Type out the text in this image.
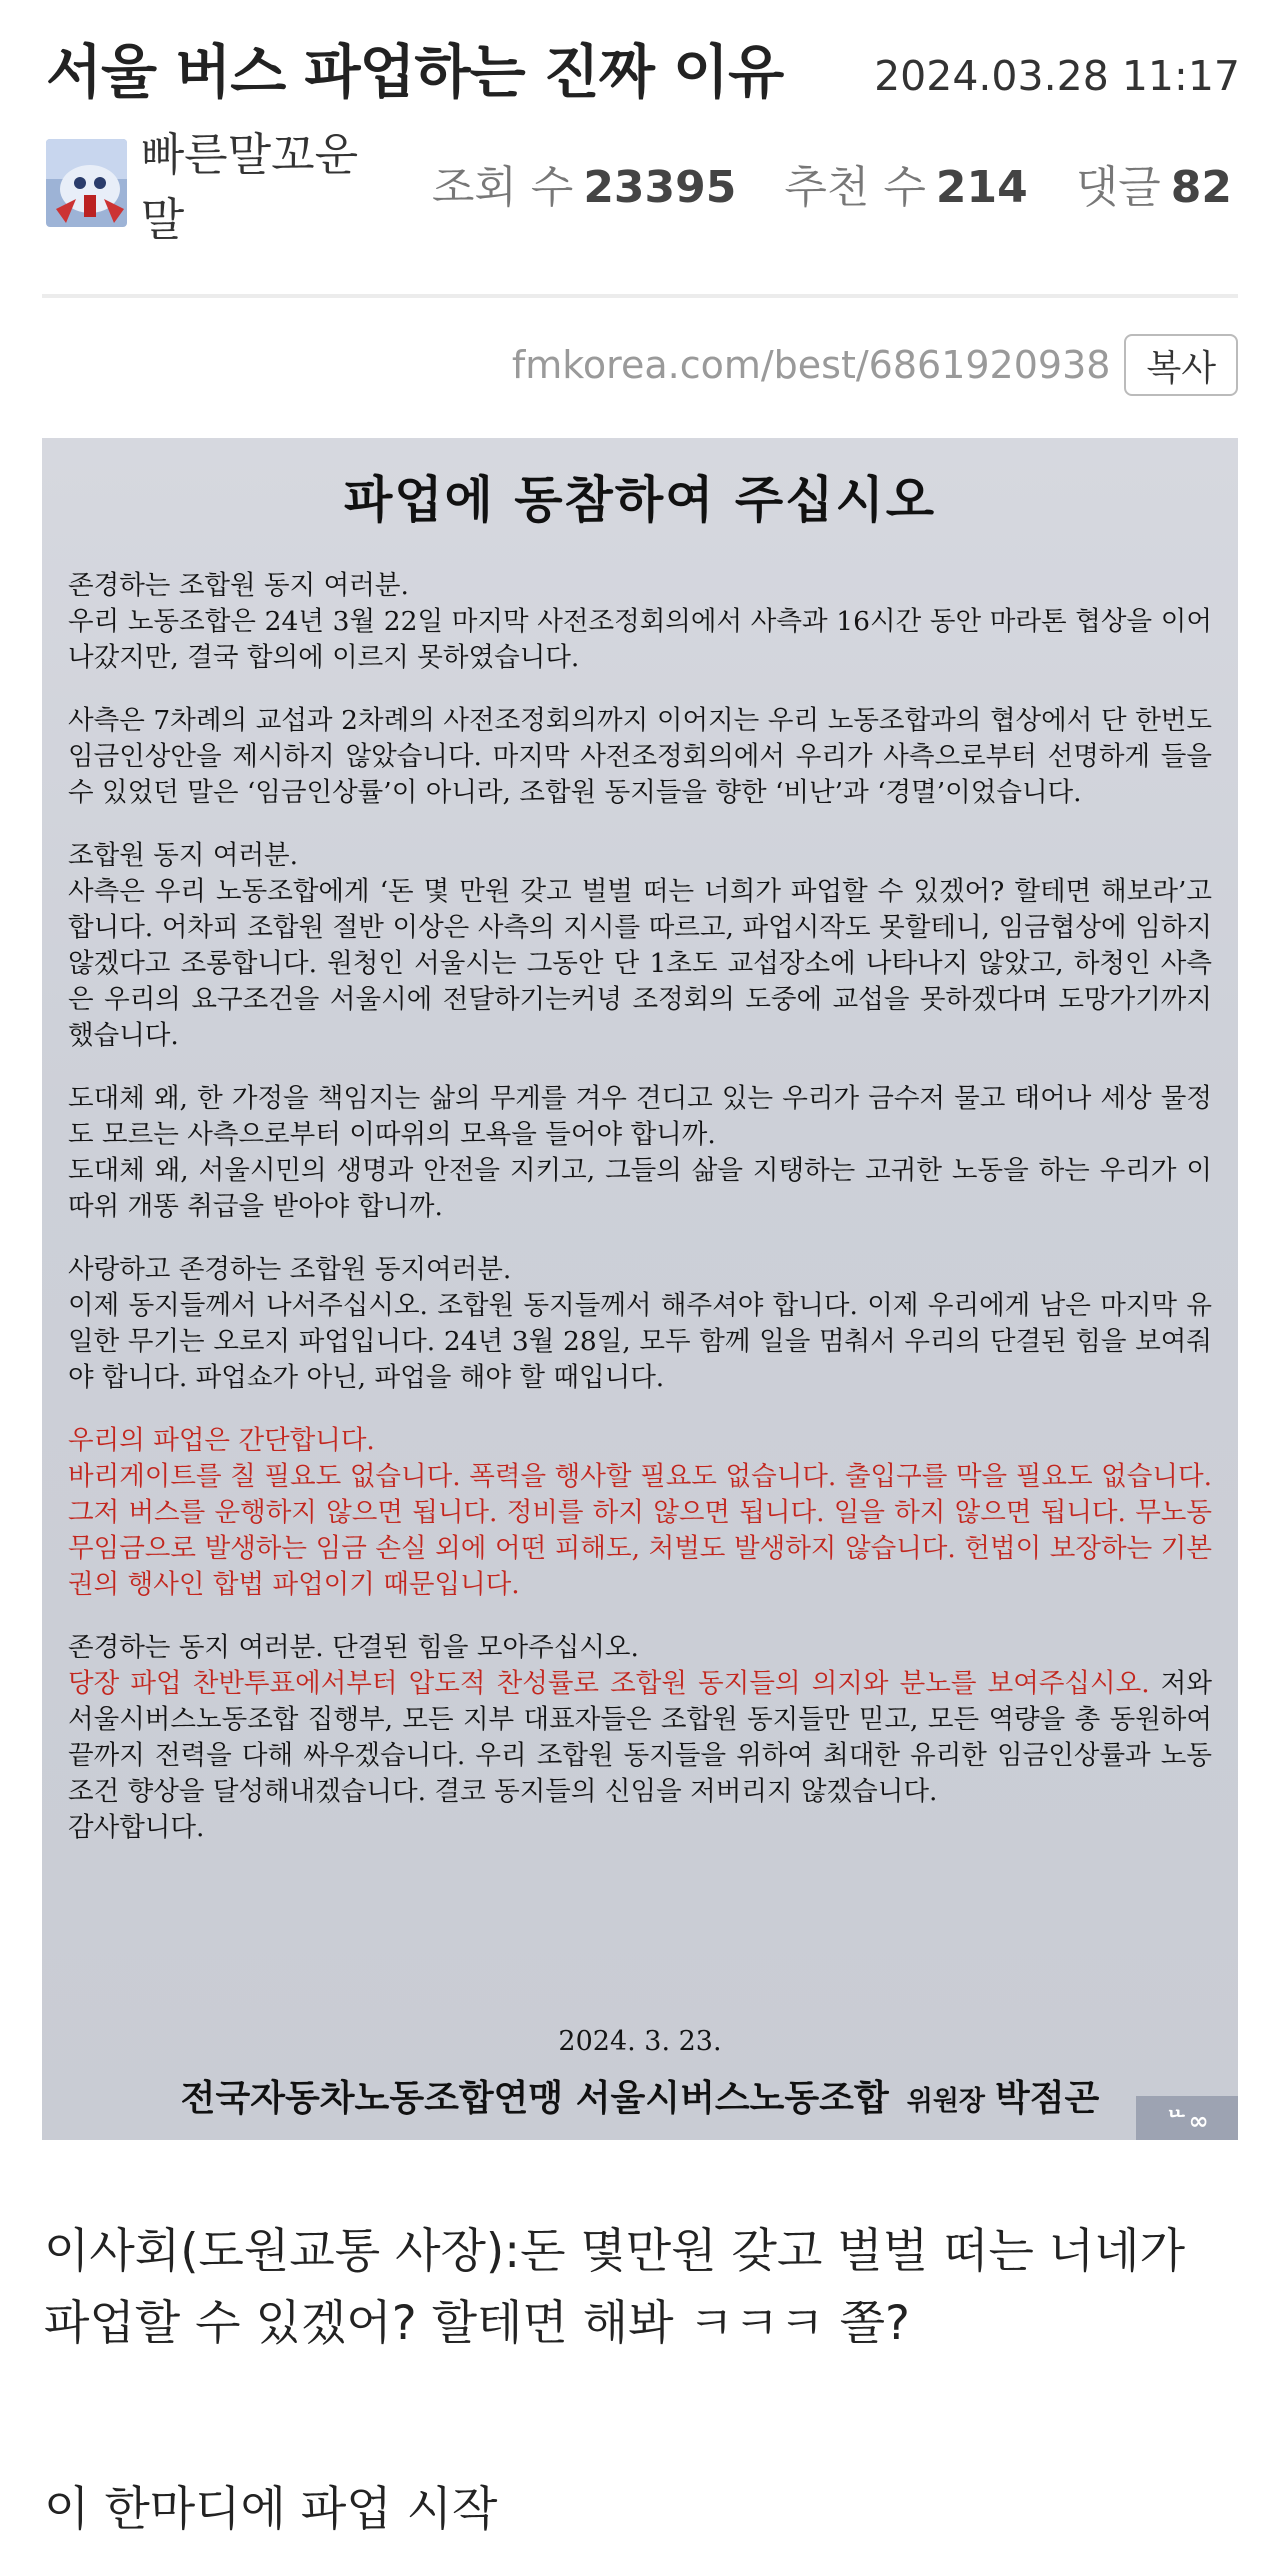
서울 버스 파업하는 진짜 이유 2024.03.28 11:17
빠른말꼬운말
조회 수 23395 추천 수 214 댓글 82
fmkorea.com/best/6861920938	복사
파업에 동참하여 주십시오

존경하는 조합원 동지 여러분.
우리 노동조합은 24년 3월 22일 마지막 사전조정회의에서 사측과 16시간 동안 마라톤 협상을 이어나갔지만, 결국 합의에 이르지 못하였습니다.

사측은 7차례의 교섭과 2차례의 사전조정회의까지 이어지는 우리 노동조합과의 협상에서 단 한번도 임금인상안을 제시하지 않았습니다. 마지막 사전조정회의에서 우리가 사측으로부터 선명하게 들을 수 있었던 말은 ‘임금인상률’이 아니라, 조합원 동지들을 향한 ‘비난’과 ‘경멸’이었습니다.

조합원 동지 여러분.
사측은 우리 노동조합에게 ‘돈 몇 만원 갖고 벌벌 떠는 너희가 파업할 수 있겠어? 할테면 해보라’고 합니다. 어차피 조합원 절반 이상은 사측의 지시를 따르고, 파업시작도 못할테니, 임금협상에 임하지 않겠다고 조롱합니다. 원청인 서울시는 그동안 단 1초도 교섭장소에 나타나지 않았고, 하청인 사측은 우리의 요구조건을 서울시에 전달하기는커녕 조정회의 도중에 교섭을 못하겠다며 도망가기까지 했습니다.

도대체 왜, 한 가정을 책임지는 삶의 무게를 겨우 견디고 있는 우리가 금수저 물고 태어나 세상 물정도 모르는 사측으로부터 이따위의 모욕을 들어야 합니까.
도대체 왜, 서울시민의 생명과 안전을 지키고, 그들의 삶을 지탱하는 고귀한 노동을 하는 우리가 이따위 개똥 취급을 받아야 합니까.

사랑하고 존경하는 조합원 동지여러분.
이제 동지들께서 나서주십시오. 조합원 동지들께서 해주셔야 합니다. 이제 우리에게 남은 마지막 유일한 무기는 오로지 파업입니다. 24년 3월 28일, 모두 함께 일을 멈춰서 우리의 단결된 힘을 보여줘야 합니다. 파업쇼가 아닌, 파업을 해야 할 때입니다.

우리의 파업은 간단합니다.
바리게이트를 칠 필요도 없습니다. 폭력을 행사할 필요도 없습니다. 출입구를 막을 필요도 없습니다. 그저 버스를 운행하지 않으면 됩니다. 정비를 하지 않으면 됩니다. 일을 하지 않으면 됩니다. 무노동무임금으로 발생하는 임금 손실 외에 어떤 피해도, 처벌도 발생하지 않습니다. 헌법이 보장하는 기본권의 행사인 합법 파업이기 때문입니다.

존경하는 동지 여러분. 단결된 힘을 모아주십시오.
당장 파업 찬반투표에서부터 압도적 찬성률로 조합원 동지들의 의지와 분노를 보여주십시오. 저와 서울시버스노동조합 집행부, 모든 지부 대표자들은 조합원 동지들만 믿고, 모든 역량을 총 동원하여 끝까지 전력을 다해 싸우겠습니다. 우리 조합원 동지들을 위하여 최대한 유리한 임금인상률과 노동조건 향상을 달성해내겠습니다. 결코 동지들의 신임을 저버리지 않겠습니다.
감사합니다.

2024. 3. 23.
전국자동차노동조합연맹 서울시버스노동조합 위원장 박점곤
ᄔ∞
이사회(도원교통 사장):돈 몇만원 갖고 벌벌 떠는 너네가 파업할 수 있겠어? 할테면 해봐 ㅋㅋㅋ 쫄?
이 한마디에 파업 시작
